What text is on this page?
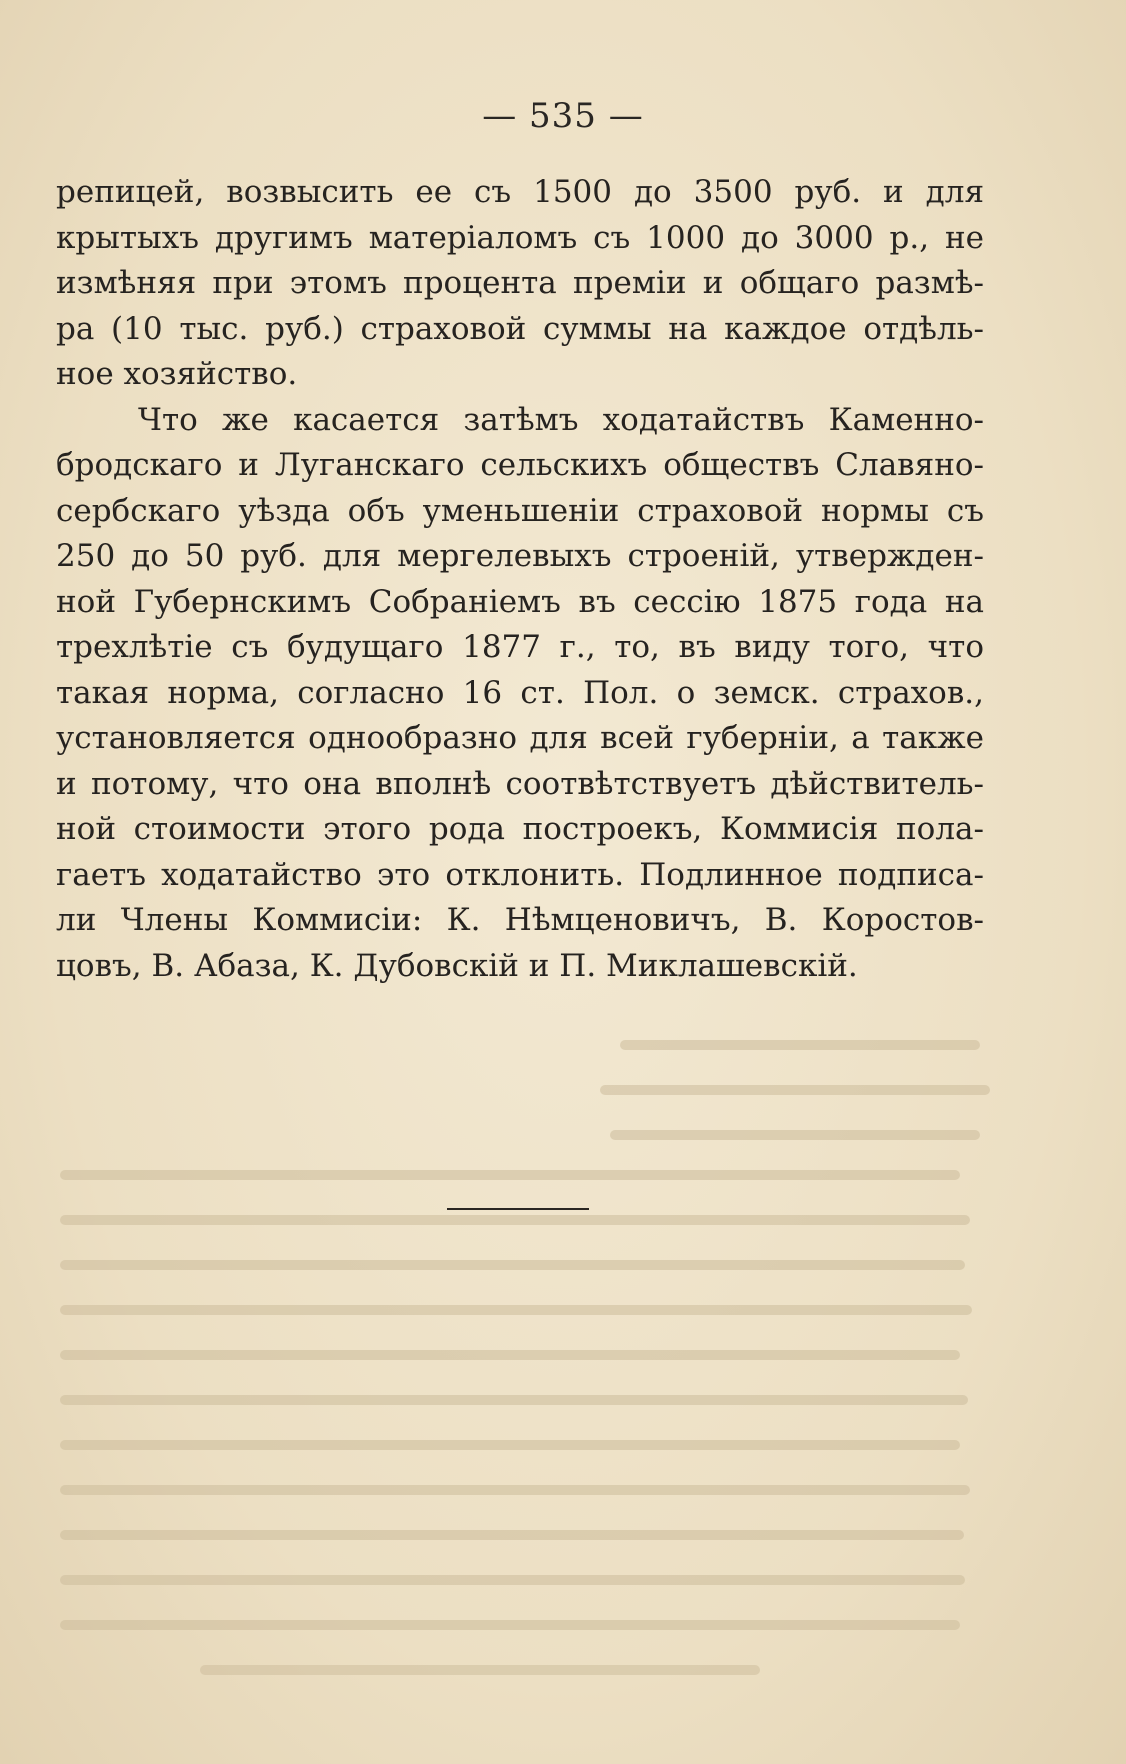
— 535 —
репицей, возвысить ее съ 1500 до 3500 руб. и для
крытыхъ другимъ матеріаломъ съ 1000 до 3000 р., не
измѣняя при этомъ процента преміи и общаго размѣ-
ра (10 тыс. руб.) страховой суммы на каждое отдѣль-
ное хозяйство.
Что же касается затѣмъ ходатайствъ Каменно-
бродскаго и Луганскаго сельскихъ обществъ Славяно-
сербскаго уѣзда объ уменьшеніи страховой нормы съ
250 до 50 руб. для мергелевыхъ строеній, утвержден-
ной Губернскимъ Собраніемъ въ сессію 1875 года на
трехлѣтіе съ будущаго 1877 г., то, въ виду того, что
такая норма, согласно 16 ст. Пол. о земск. страхов.,
установляется однообразно для всей губерніи, а также
и потому, что она вполнѣ соотвѣтствуетъ дѣйствитель-
ной стоимости этого рода построекъ, Коммисія пола-
гаетъ ходатайство это отклонить. Подлинное подписа-
ли Члены Коммисіи: К. Нѣмценовичъ, В. Коростов-
цовъ, В. Абаза, К. Дубовскій и П. Миклашевскій.
